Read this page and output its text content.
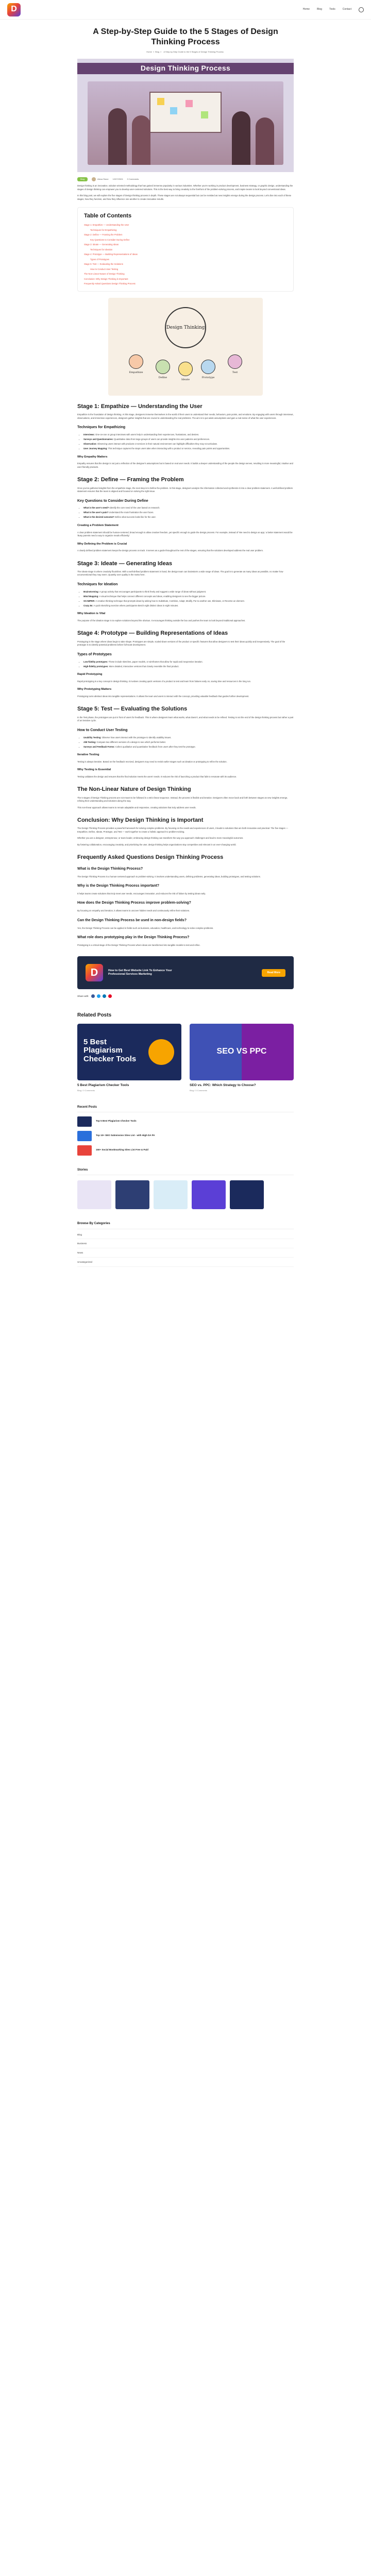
D	Home	Blog	Tools	Contact
A Step-by-Step Guide to the 5 Stages of Design Thinking Process
Home » Blog » A Step-by-Step Guide to the 5 Stages of Design Thinking Process
Design Thinking Process
Blog	Alexa Stone 12/07/2024 0 Comments

Design thinking is an innovative, solution-oriented methodology that has gained immense popularity in various industries. Whether you're working in product development, business strategy, or graphic design, understanding the stages of design thinking can empower you to develop user-centered solutions. This is the best way to bring creativity to the forefront of the problem-solving process, and inspire teams to look beyond conventional ideas.

In this blog post, we will explore the five stages of Design thinking process in depth. These stages are not always sequential but can be revisited as new insights emerge during the design process. Let's dive into each of these stages, how they function, and how they influence one another to create innovative results.

Table of Contents
Stage 1: Empathize — Understanding the User
Techniques for Empathizing
Stage 2: Define — Framing the Problem
Key Questions to Consider During Define
Stage 3: Ideate — Generating Ideas
Techniques for Ideation
Stage 4: Prototype — Building Representations of Ideas
Types of Prototypes
Stage 5: Test — Evaluating the Solutions
How to Conduct User Testing
The Non-Linear Nature of Design Thinking
Conclusion: Why Design Thinking is Important
Frequently Asked Questions Design Thinking Process
Design Thinking
Empathize
Define
Ideate
Prototype
Test
Stage 1: Empathize — Understanding the User

Empathize is the foundation of design thinking. At this stage, designers immerse themselves in the world of their users to understand their needs, behaviors, pain points, and emotions. By engaging with users through interviews, observations, and immersive experiences, designers gather insights that are crucial to understanding the real problems. The aim is to put aside assumptions and gain a real sense of what the user experiences.

Techniques for Empathizing
• Interviews: One-on-one or group interviews with users help in understanding their experiences, frustrations, and desires.
• Surveys and Questionnaires: Quantitative data from large groups of users can provide insights into user patterns and preferences.
• Observation: Observing users interact with products or services in their natural environment can highlight difficulties they may not articulate.
• User Journey Mapping: This technique captures the steps users take when interacting with a product or service, revealing pain points and opportunities.
Why Empathy Matters

Empathy ensures that the design is not just a reflection of the designer's assumptions but is based on real user needs. It builds a deeper understanding of the people the design serves, resulting in more meaningful, intuitive and user-friendly products.

Stage 2: Define — Framing the Problem

Once you've gathered insights from the empathize stage, the next step is to Define the problem. In this stage, designers analyze the information collected and synthesize it into a clear problem statement. A well-defined problem statement ensures that the team is aligned and focused on solving the right issue.

Key Questions to Consider During Define
• What is the user's need? Identify the core need of the user based on research.
• What is the user's pain? Understand the main frustration the user faces.
• What is the desired outcome? Define what success looks like for the user.
Creating a Problem Statement

A clear problem statement should be human-centered, broad enough to allow creative freedom, yet specific enough to guide the design process. For example, instead of 'We need to design an app,' a better statement would be 'Busy parents need a way to organize meals efficiently.'

Why Defining the Problem is Crucial

A clearly defined problem statement keeps the design process on track. It serves as a guide throughout the rest of the stages, ensuring that the solutions developed address the real user problem.

Stage 3: Ideate — Generating Ideas

The Ideate stage is where creativity flourishes. With a well-defined problem statement in hand, the design team can brainstorm a wide range of ideas. The goal is to generate as many ideas as possible, no matter how unconventional they may seem. Quantity over quality is the motto here.

Techniques for Ideation
• Brainstorming: A group activity that encourages participants to think freely and suggest a wide range of ideas without judgment.
• Mind Mapping: A visual technique that helps connect different concepts and ideas, enabling designers to see the bigger picture.
• SCAMPER: A creative thinking technique that prompts ideas by asking how to Substitute, Combine, Adapt, Modify, Put to another use, Eliminate, or Reverse an element.
• Crazy 8s: A quick sketching exercise where participants sketch eight distinct ideas in eight minutes.
Why Ideation is Vital

The purpose of the ideation stage is to explore solutions beyond the obvious. It encourages thinking outside the box and pushes the team to look beyond traditional approaches.

Stage 4: Prototype — Building Representations of Ideas

Prototyping is the stage where ideas begin to take shape. Prototypes are simple, scaled-down versions of the product or specific features that allow designers to test their ideas quickly and inexpensively. The goal of the prototype is to identify potential problems before full-scale development.

Types of Prototypes
• Low-fidelity prototypes: These include sketches, paper models, or wireframes that allow for rapid and inexpensive iteration.
• High-fidelity prototypes: More detailed, interactive versions that closely resemble the final product.
Rapid Prototyping

Rapid prototyping is a key concept in design thinking. It involves creating quick versions of a product to test and learn from failures early on, saving time and resources in the long run.

Why Prototyping Matters

Prototyping turns abstract ideas into tangible representations. It allows the team and users to interact with the concept, providing valuable feedback that guides further development.

Stage 5: Test — Evaluating the Solutions

In the Test phase, the prototypes are put in front of users for feedback. This is where designers learn what works, what doesn't, and what needs to be refined. Testing is not the end of the design thinking process but rather a part of an iterative cycle.

How to Conduct User Testing
• Usability Testing: Observe how users interact with the prototype to identify usability issues.
• A/B Testing: Compare two different versions of a design to see which performs better.
• Surveys and Feedback Forms: Collect qualitative and quantitative feedback from users after they test the prototype.
Iterative Testing

Testing is always iterative. Based on the feedback received, designers may need to revisit earlier stages such as ideation or prototyping to refine the solution.

Why Testing is Essential

Testing validates the design and ensures that the final solution meets the users' needs. It reduces the risk of launching a product that fails to resonate with its audience.

The Non-Linear Nature of Design Thinking

The 5 stages of Design Thinking process are not meant to be followed in a strict linear sequence. Instead, the process is flexible and iterative. Designers often move back and forth between stages as new insights emerge, refining their understanding and solutions along the way.

This non-linear approach allows teams to remain adaptable and responsive, creating solutions that truly address user needs.

Conclusion: Why Design Thinking is Important

The Design Thinking Process provides a powerful framework for solving complex problems. By focusing on the needs and experiences of users, it leads to solutions that are both innovative and practical. The five stages — Empathize, Define, Ideate, Prototype, and Test — work together to create a holistic approach to problem-solving.

Whether you are a designer, entrepreneur, or team leader, embracing design thinking can transform the way you approach challenges and lead to more meaningful outcomes.

By fostering collaboration, encouraging creativity, and prioritizing the user, design thinking helps organizations stay competitive and relevant in an ever-changing world.

Frequently Asked Questions Design Thinking Process
What is the Design Thinking Process?

The Design Thinking Process is a human-centered approach to problem-solving. It involves understanding users, defining problems, generating ideas, building prototypes, and testing solutions.

Why is the Design Thinking Process important?

It helps teams create solutions that truly meet user needs, encourages innovation, and reduces the risk of failure by testing ideas early.

How does the Design Thinking Process improve problem-solving?

By focusing on empathy and iteration, it allows teams to uncover hidden needs and continuously refine their solutions.

Can the Design Thinking Process be used in non-design fields?

Yes, the Design Thinking Process can be applied in fields such as business, education, healthcare, and technology to solve complex problems.

What role does prototyping play in the Design Thinking Process?

Prototyping is a critical stage of the Design Thinking Process where ideas are transformed into tangible models to test and refine.

D	How to Get Best Website Link To Enhance Your Professional Services Marketing
Read More
Share with:
Related Posts
5 Best Plagiarism Checker Tools
5 Best Plagiarism Checker Tools
Blog / 0 Comments
SEO VS PPC
SEO vs. PPC: Which Strategy to Choose?
Blog / 0 Comments
Recent Posts
Top 5 Best Plagiarism Checker Tools
Top 10+ SEO Submission Sites List - with High DA PA
150+ Social Bookmarking Sites List Free & Paid
Stories
Browse By Categories
Blog
Business
News
Uncategorized
